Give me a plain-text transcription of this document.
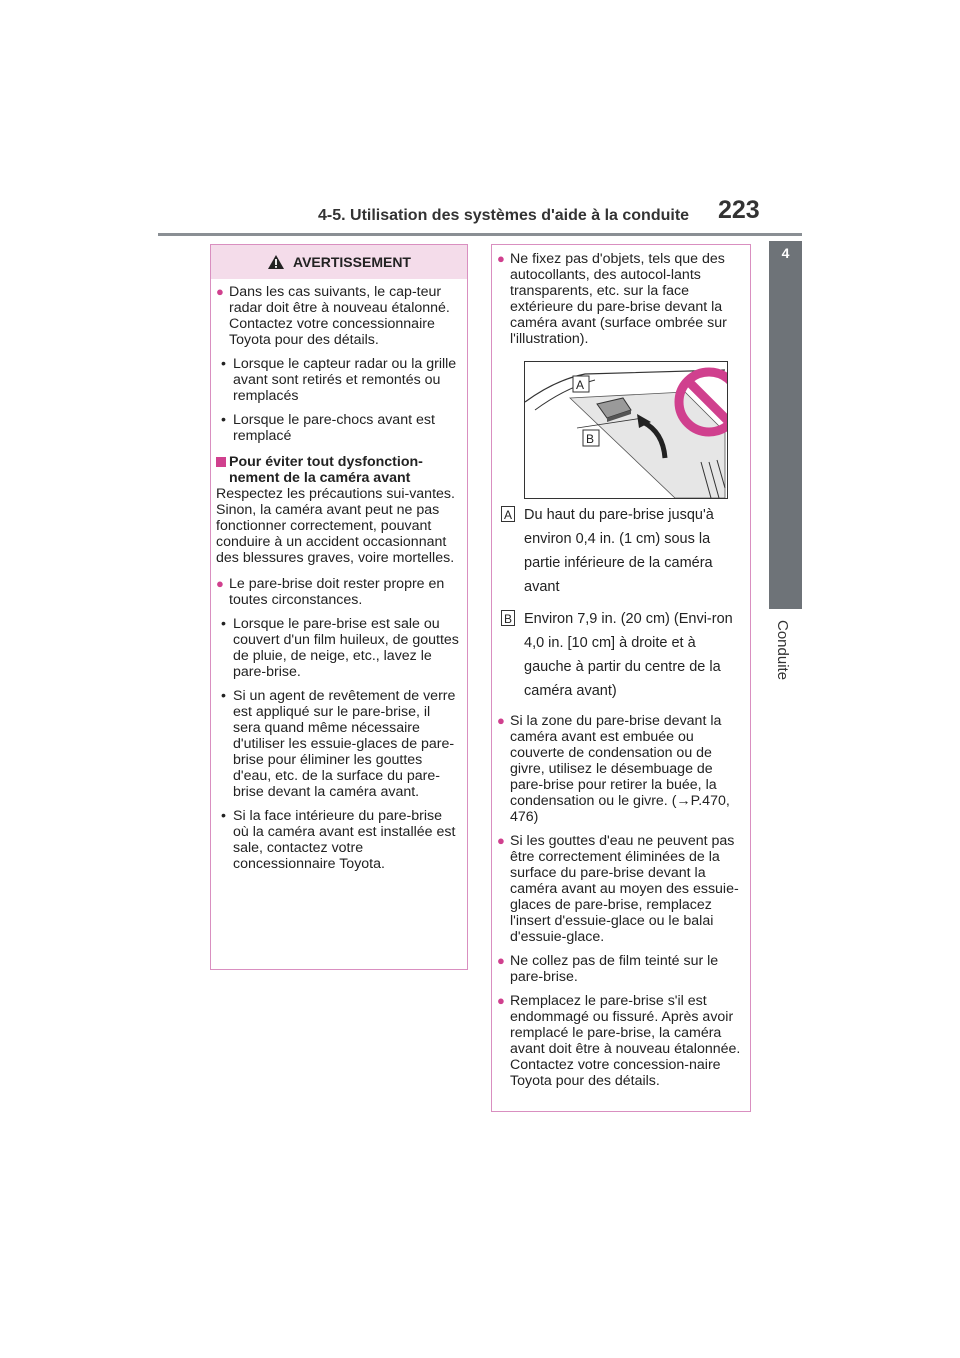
4-5. Utilisation des systèmes d'aide à la conduite 223
4
Conduite
AVERTISSEMENT
● Dans les cas suivants, le cap-teur radar doit être à nouveau étalonné. Contactez votre concessionnaire Toyota pour des détails.

• Lorsque le capteur radar ou la grille avant sont retirés et remontés ou remplacés

• Lorsque le pare-chocs avant est remplacé

Pour éviter tout dysfonction-nement de la caméra avant

Respectez les précautions sui-vantes. Sinon, la caméra avant peut ne pas fonctionner correctement, pouvant conduire à un accident occasionnant des blessures graves, voire mortelles.

● Le pare-brise doit rester propre en toutes circonstances.

• Lorsque le pare-brise est sale ou couvert d'un film huileux, de gouttes de pluie, de neige, etc., lavez le pare-brise.

• Si un agent de revêtement de verre est appliqué sur le pare-brise, il sera quand même nécessaire d'utiliser les essuie-glaces de pare-brise pour éliminer les gouttes d'eau, etc. de la surface du pare-brise devant la caméra avant.

• Si la face intérieure du pare-brise où la caméra avant est installée est sale, contactez votre concessionnaire Toyota.

● Ne fixez pas d'objets, tels que des autocollants, des autocol-lants transparents, etc. sur la face extérieure du pare-brise devant la caméra avant (surface ombrée sur l'illustration).

A
B
A Du haut du pare-brise jusqu'à environ 0,4 in. (1 cm) sous la partie inférieure de la caméra avant

B Environ 7,9 in. (20 cm) (Envi-ron 4,0 in. [10 cm] à droite et à gauche à partir du centre de la caméra avant)

● Si la zone du pare-brise devant la caméra avant est embuée ou couverte de condensation ou de givre, utilisez le désembuage de pare-brise pour retirer la buée, la condensation ou le givre. (→P.470, 476)

● Si les gouttes d'eau ne peuvent pas être correctement éliminées de la surface du pare-brise devant la caméra avant au moyen des essuie-glaces de pare-brise, remplacez l'insert d'essuie-glace ou le balai d'essuie-glace.

● Ne collez pas de film teinté sur le pare-brise.

● Remplacez le pare-brise s'il est endommagé ou fissuré. Après avoir remplacé le pare-brise, la caméra avant doit être à nouveau étalonnée. Contactez votre concession-naire Toyota pour des détails.
